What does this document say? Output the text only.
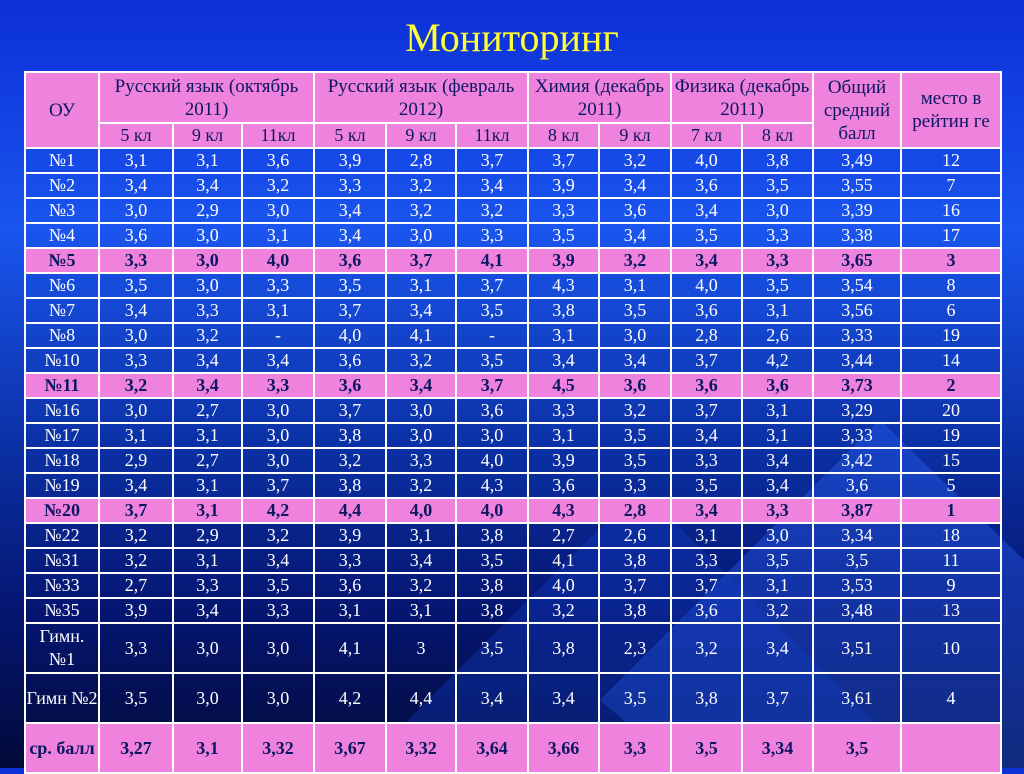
Мониторинг
ОУ	Русский язык (октябрь 2011)			Русский язык (февраль 2012)			Химия (декабрь 2011)		Физика (декабрь 2011)		Общий средний балл	место в рейтин ге
	5 кл	9 кл	11кл	5 кл	9 кл	11кл	8 кл	9 кл	7 кл	8 кл		
№1	3,1	3,1	3,6	3,9	2,8	3,7	3,7	3,2	4,0	3,8	3,49	12
№2	3,4	3,4	3,2	3,3	3,2	3,4	3,9	3,4	3,6	3,5	3,55	7
№3	3,0	2,9	3,0	3,4	3,2	3,2	3,3	3,6	3,4	3,0	3,39	16
№4	3,6	3,0	3,1	3,4	3,0	3,3	3,5	3,4	3,5	3,3	3,38	17
№5	3,3	3,0	4,0	3,6	3,7	4,1	3,9	3,2	3,4	3,3	3,65	3
№6	3,5	3,0	3,3	3,5	3,1	3,7	4,3	3,1	4,0	3,5	3,54	8
№7	3,4	3,3	3,1	3,7	3,4	3,5	3,8	3,5	3,6	3,1	3,56	6
№8	3,0	3,2	-	4,0	4,1	-	3,1	3,0	2,8	2,6	3,33	19
№10	3,3	3,4	3,4	3,6	3,2	3,5	3,4	3,4	3,7	4,2	3,44	14
№11	3,2	3,4	3,3	3,6	3,4	3,7	4,5	3,6	3,6	3,6	3,73	2
№16	3,0	2,7	3,0	3,7	3,0	3,6	3,3	3,2	3,7	3,1	3,29	20
№17	3,1	3,1	3,0	3,8	3,0	3,0	3,1	3,5	3,4	3,1	3,33	19
№18	2,9	2,7	3,0	3,2	3,3	4,0	3,9	3,5	3,3	3,4	3,42	15
№19	3,4	3,1	3,7	3,8	3,2	4,3	3,6	3,3	3,5	3,4	3,6	5
№20	3,7	3,1	4,2	4,4	4,0	4,0	4,3	2,8	3,4	3,3	3,87	1
№22	3,2	2,9	3,2	3,9	3,1	3,8	2,7	2,6	3,1	3,0	3,34	18
№31	3,2	3,1	3,4	3,3	3,4	3,5	4,1	3,8	3,3	3,5	3,5	11
№33	2,7	3,3	3,5	3,6	3,2	3,8	4,0	3,7	3,7	3,1	3,53	9
№35	3,9	3,4	3,3	3,1	3,1	3,8	3,2	3,8	3,6	3,2	3,48	13
Гимн. №1	3,3	3,0	3,0	4,1	3	3,5	3,8	2,3	3,2	3,4	3,51	10
Гимн №2	3,5	3,0	3,0	4,2	4,4	3,4	3,4	3,5	3,8	3,7	3,61	4
ср. балл	3,27	3,1	3,32	3,67	3,32	3,64	3,66	3,3	3,5	3,34	3,5	
